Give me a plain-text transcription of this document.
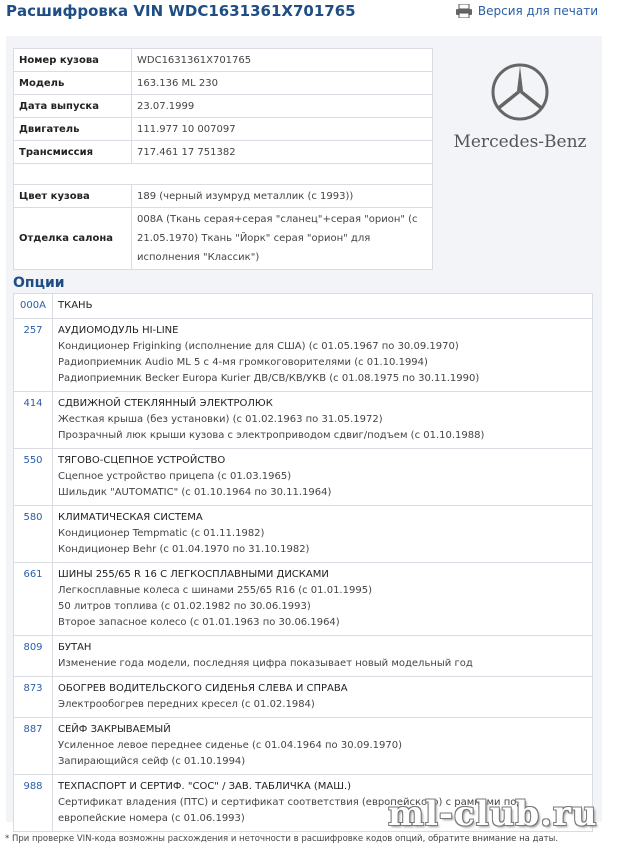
Расшифровка VIN WDC1631361X701765	Версия для печати
Номер кузова	WDC1631361X701765
Модель	163.136 ML 230
Дата выпуска	23.07.1999
Двигатель	111.977 10 007097
Трансмиссия	717.461 17 751382

Цвет кузова	189 (черный изумруд металлик (с 1993))
Отделка салона	008A (Ткань серая+серая "сланец"+серая "орион" (с 21.05.1970) Ткань "Йорк" серая "орион" для исполнения "Классик")
Mercedes-Benz
Опции
000A	ТКАНЬ

257	АУДИОМОДУЛЬ HI-LINE
Кондиционер Friginking (исполнение для США) (с 01.05.1967 по 30.09.1970)
Радиоприемник Audio ML 5 с 4-мя громкоговорителями (с 01.10.1994)
Радиоприемник Becker Europa Kurier ДВ/СВ/КВ/УКВ (с 01.08.1975 по 30.11.1990)

414	СДВИЖНОЙ СТЕКЛЯННЫЙ ЭЛЕКТРОЛЮК
Жесткая крыша (без установки) (с 01.02.1963 по 31.05.1972)
Прозрачный люк крыши кузова с электроприводом сдвиг/подъем (с 01.10.1988)

550	ТЯГОВО-СЦЕПНОЕ УСТРОЙСТВО
Сцепное устройство прицепа (с 01.03.1965)
Шильдик "AUTOMATIC" (с 01.10.1964 по 30.11.1964)

580	КЛИМАТИЧЕСКАЯ СИСТЕМА
Кондиционер Tempmatic (с 01.11.1982)
Кондиционер Behr (с 01.04.1970 по 31.10.1982)

661	ШИНЫ 255/65 R 16 С ЛЕГКОСПЛАВНЫМИ ДИСКАМИ
Легкосплавные колеса с шинами 255/65 R16 (с 01.01.1995)
50 литров топлива (с 01.02.1982 по 30.06.1993)
Второе запасное колесо (с 01.01.1963 по 30.06.1964)

809	БУТАН
Изменение года модели, последняя цифра показывает новый модельный год

873	ОБОГРЕВ ВОДИТЕЛЬСКОГО СИДЕНЬЯ СЛЕВА И СПРАВА
Электрообогрев передних кресел (с 01.02.1984)

887	СЕЙФ ЗАКРЫВАЕМЫЙ
Усиленное левое переднее сиденье (с 01.04.1964 по 30.09.1970)
Запирающийся сейф (с 01.10.1994)

988	ТЕХПАСПОРТ И СЕРТИФ. "СОС" / ЗАВ. ТАБЛИЧКА (МАШ.)
Сертификат владения (ПТС) и сертификат соответствия (европейского) с рамками под европейские номера (с 01.06.1993)	ml-club.ru
* При проверке VIN-кода возможны расхождения и неточности в расшифровке кодов опций, обратите внимание на даты.
